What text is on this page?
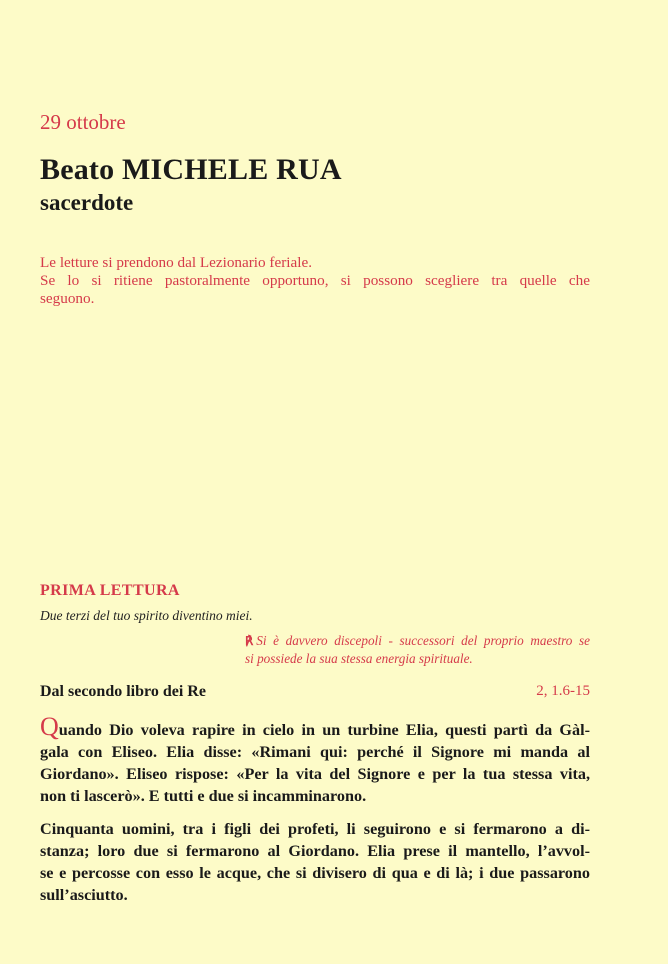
29 ottobre
Beato MICHELE RUA
sacerdote
Le letture si prendono dal Lezionario feriale.
Se lo si ritiene pastoralmente opportuno, si possono scegliere tra quelle che
seguono.
PRIMA LETTURA
Due terzi del tuo spirito diventino miei.
℟ Si è davvero discepoli - successori del proprio maestro se
si possiede la sua stessa energia spirituale.
Dal secondo libro dei Re	2, 1.6-15
Quando Dio voleva rapire in cielo in un turbine Elia, questi partì da Gàl-
gala con Eliseo. Elia disse: «Rimani qui: perché il Signore mi manda al
Giordano». Eliseo rispose: «Per la vita del Signore e per la tua stessa vita,
non ti lascerò». E tutti e due si incamminarono.
Cinquanta uomini, tra i figli dei profeti, li seguirono e si fermarono a di-
stanza; loro due si fermarono al Giordano. Elia prese il mantello, l’avvol-
se e percosse con esso le acque, che si divisero di qua e di là; i due passarono
sull’asciutto.
